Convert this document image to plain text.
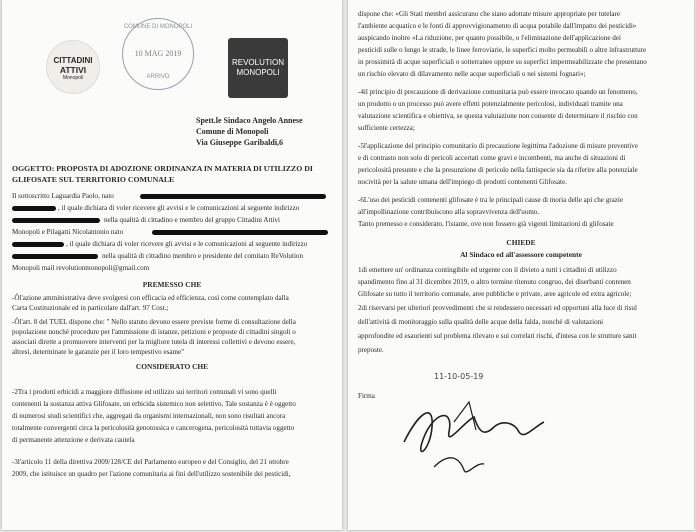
CITTADINI
ATTIVI
Monopoli
COMUNE DI MONOPOLI
10 MAG 2019
ARRIVO
REVOLUTION
MONOPOLI
Spett.le Sindaco Angelo Annese
Comune di Monopoli
Via Giuseppe Garibaldi,6
OGGETTO: PROPOSTA DI ADOZIONE ORDINANZA IN MATERIA DI UTILIZZO DI
GLIFOSATE SUL TERRITORIO COMUNALE
Il sottoscritto Laguardia Paolo, nato
, il quale dichiara di voler ricevere gli avvisi e le comunicazioni al seguente indirizzo
nella qualità di cittadino e membro del gruppo Cittadini Attivi
Monopoli e Pilagatti Nicolantonio nato
, il quale dichiara di voler ricevere gli avvisi e le comunicazioni al seguente indirizzo
nella qualità di cittadino membro e presidente del comitato ReVolution
Monopoli mail revolutionmonopoli@gmail.com
PREMESSO CHE
-Ôl'azione amministrativa deve svolgersi con efficacia ed efficienza, così come contemplato dalla
Carta Costituzionale ed in particolare dall'art. 97 Cost.;
-Ôl'art. 8 del TUEL dispone che: " Nello statuto devono essere previste forme di consultazione della
popolazione nonché procedure per l'ammissione di istanze, petizioni e proposte di cittadini singoli o
associati dirette a promuovere interventi per la migliore tutela di interessi collettivi e devono essere,
altresì, determinate le garanzie per il loro tempestivo esame"
CONSIDERATO CHE
-2Tra i prodotti erbicidi a maggiore diffusione ed utilizzo sui territori comunali vi sono quelli
contenenti la sostanza attiva Glifosate, un erbicida sistemico non selettivo. Tale sostanza è è oggetto
di numerosi studi scientifici che, aggregati da organismi internazionali, non sono risultati ancora
totalmente convergenti circa la pericolosità genotossica e cancerogena, pericolosità tuttavia oggetto
di permanente attenzione e derivata cautela
-3l'articolo 11 della direttiva 2009/128/CE del Parlamento europeo e del Consiglio, del 21 ottobre
2009, che istituisce un quadro per l'azione comunitaria ai fini dell'utilizzo sostenibile dei pesticidi,
dispone che: «Gli Stati membri assicurano che siano adottate misure appropriate per tutelare
l'ambiente acquatico e le fonti di approvvigionamento di acqua potabile dall'impatto dei pesticidi»
auspicando inoltre «La riduzione, per quanto possibile, o l'eliminazione dell'applicazione dei
pesticidi sulle o lungo le strade, le linee ferroviarie, le superfici molto permeabili o altre infrastrutture
in prossimità di acque superficiali o sotterranee oppure su superfici impermeabilizzate che presentano
un rischio elevato di dilavamento nelle acque superficiali o nei sistemi fognari»;
-4il principio di precauzione di derivazione comunitaria può essere invocato quando un fenomeno,
un prodotto o un processo può avere effetti potenzialmente pericolosi, individuati tramite una
valutazione scientifica e obiettiva, se questa valutazione non consente di determinare il rischio con
sufficiente certezza;
-5l'applicazione del principio comunitario di precauzione legittima l'adozione di misure preventive
e di contrasto non solo di pericoli accertati come gravi e incombenti, ma anche di situazioni di
pericolosità presunte e che la presunzione di pericolo nella fattispecie sia da riferire alla potenziale
nocività per la salute umana dell'impiego di prodotti contenenti Glifosate.
-6L'uso dei pesticidi contenenti glifosate è tra le principali cause di moria delle api che grazie
all'impollinazione contribuiscono alla sopravvivenza dell'uomo.
Tanto premesso e considerato, l'istante, ove non fossero già vigenti limitazioni di glifosate
CHIEDE
Al Sindaco ed all'assessore competente
1di emettere un' ordinanza contingibile ed urgente con il divieto a tutti i cittadini di utilizzo
spandimento fino al 31 dicembre 2019, o altro termine ritenuto congruo, dei diserbanti contenen
Glifosate su tutto il territorio comunale, aree pubbliche e private, aree agricole ed extra agricole;
2di riservarsi per ulteriori provvedimenti che si rendessero necessari ed opportuni alla luce di risul
dell'attività di monitoraggio sulla qualità delle acque della falda, nonché di valutazioni
approfondite ed esaurienti sul problema rilevato e sui correlati rischi, d'intesa con le strutture sanit
preposte.
11-10-05-19
Firma
